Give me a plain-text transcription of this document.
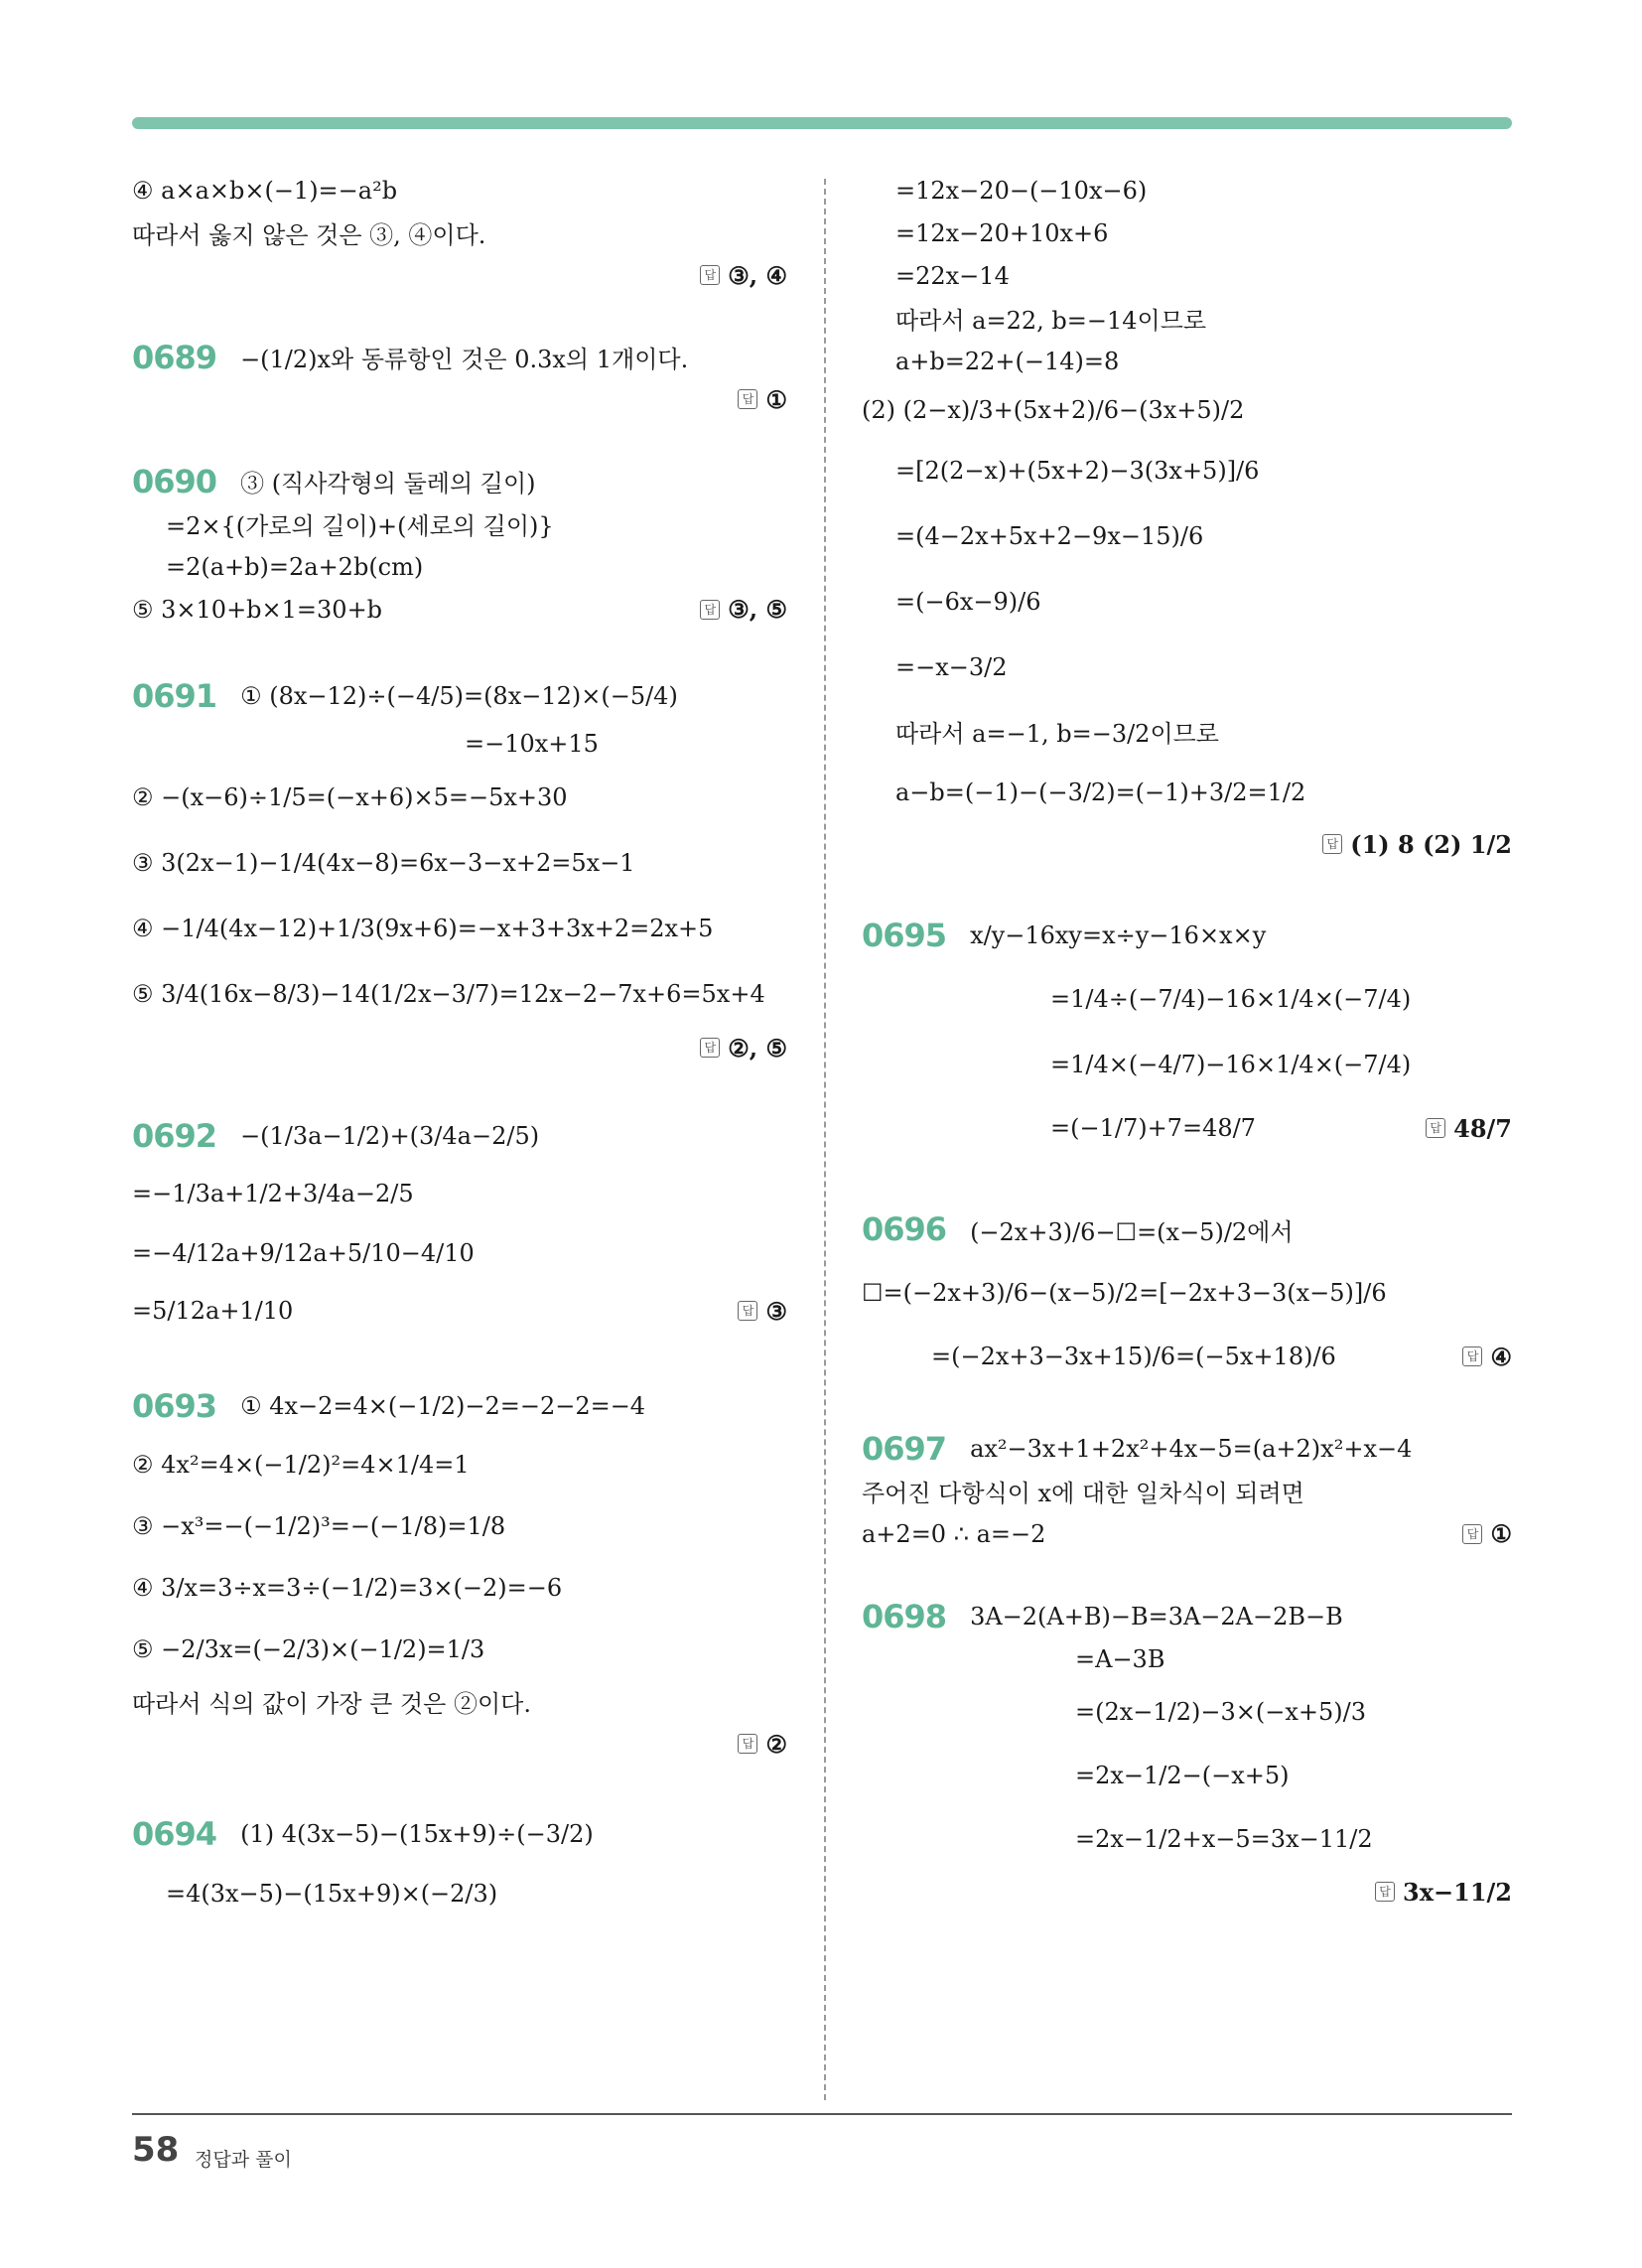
④ a×a×b×(−1)=−a²b
따라서 옳지 않은 것은 ③, ④이다.
답 ③, ④
0689 −(1/2)x와 동류항인 것은 0.3x의 1개이다.
답 ①
0690 ③ (직사각형의 둘레의 길이)
=2×{(가로의 길이)+(세로의 길이)}
=2(a+b)=2a+2b(cm)
⑤ 3×10+b×1=30+b	답 ③, ⑤
0691 ① (8x−12)÷(−4/5)=(8x−12)×(−5/4)
=−10x+15
② −(x−6)÷1/5=(−x+6)×5=−5x+30
③ 3(2x−1)−1/4(4x−8)=6x−3−x+2=5x−1
④ −1/4(4x−12)+1/3(9x+6)=−x+3+3x+2=2x+5
⑤ 3/4(16x−8/3)−14(1/2x−3/7)=12x−2−7x+6=5x+4
답 ②, ⑤
0692 −(1/3a−1/2)+(3/4a−2/5)
=−1/3a+1/2+3/4a−2/5
=−4/12a+9/12a+5/10−4/10
=5/12a+1/10	답 ③
0693 ① 4x−2=4×(−1/2)−2=−2−2=−4
② 4x²=4×(−1/2)²=4×1/4=1
③ −x³=−(−1/2)³=−(−1/8)=1/8
④ 3/x=3÷x=3÷(−1/2)=3×(−2)=−6
⑤ −2/3x=(−2/3)×(−1/2)=1/3
따라서 식의 값이 가장 큰 것은 ②이다.
답 ②
0694 (1) 4(3x−5)−(15x+9)÷(−3/2)
=4(3x−5)−(15x+9)×(−2/3)
=12x−20−(−10x−6)
=12x−20+10x+6
=22x−14
따라서 a=22, b=−14이므로
a+b=22+(−14)=8
(2) (2−x)/3+(5x+2)/6−(3x+5)/2
=[2(2−x)+(5x+2)−3(3x+5)]/6
=(4−2x+5x+2−9x−15)/6
=(−6x−9)/6
=−x−3/2
따라서 a=−1, b=−3/2이므로
a−b=(−1)−(−3/2)=(−1)+3/2=1/2
답 (1) 8 (2) 1/2
0695 x/y−16xy=x÷y−16×x×y
=1/4÷(−7/4)−16×1/4×(−7/4)
=1/4×(−4/7)−16×1/4×(−7/4)
=(−1/7)+7=48/7	답 48/7
0696 (−2x+3)/6−☐=(x−5)/2에서
☐=(−2x+3)/6−(x−5)/2=[−2x+3−3(x−5)]/6
=(−2x+3−3x+15)/6=(−5x+18)/6	답 ④
0697 ax²−3x+1+2x²+4x−5=(a+2)x²+x−4
주어진 다항식이 x에 대한 일차식이 되려면
a+2=0 ∴ a=−2	답 ①
0698 3A−2(A+B)−B=3A−2A−2B−B
=A−3B
=(2x−1/2)−3×(−x+5)/3
=2x−1/2−(−x+5)
=2x−1/2+x−5=3x−11/2
답 3x−11/2
58 정답과 풀이
